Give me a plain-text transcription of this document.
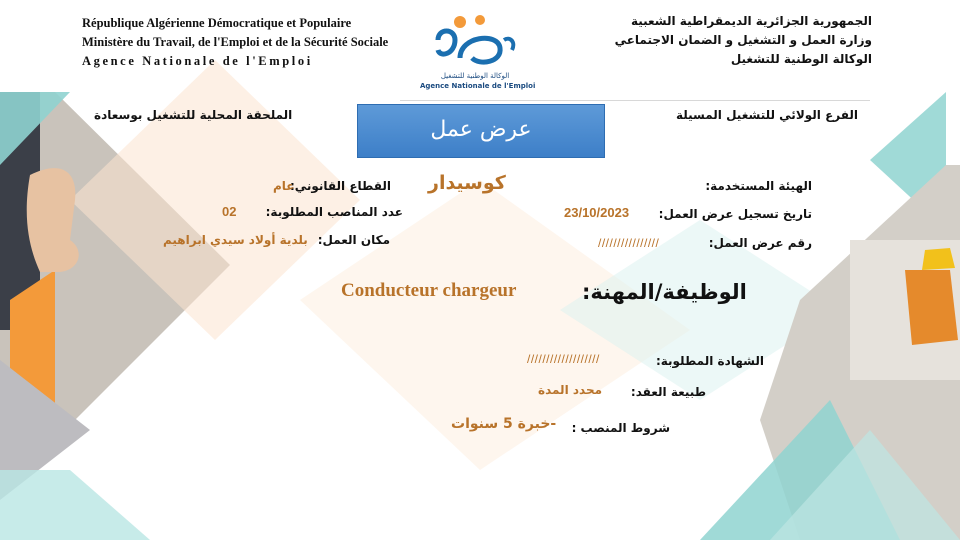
République Algérienne Démocratique et Populaire
Ministère du Travail, de l'Emploi et de la Sécurité Sociale
Agence Nationale de l'Emploi
الجمهورية الجزائرية الديمقراطية الشعبية
وزارة العمل و التشغيل و الضمان الاجتماعي
الوكالة الوطنية للتشغيل
الوكالة الوطنية للتشغيل
Agence Nationale de l'Emploi
الفرع الولائي للتشغيل المسيلة
الملحقة المحلية للتشغيل بوسعادة
عرض عمل
الهيئة المستخدمة:
كوسيدار
القطاع القانوني:
عام
تاريخ تسجيل عرض العمل:
23/10/2023
عدد المناصب المطلوبة:
02
رقم عرض العمل:
////////////////
مكان العمل:
بلدية أولاد سيدي ابراهيم
الوظيفة/المهنة:
Conducteur chargeur
الشهادة المطلوبة:
///////////////////
طبيعة العقد:
محدد المدة
شروط المنصب :
-خبرة 5 سنوات
